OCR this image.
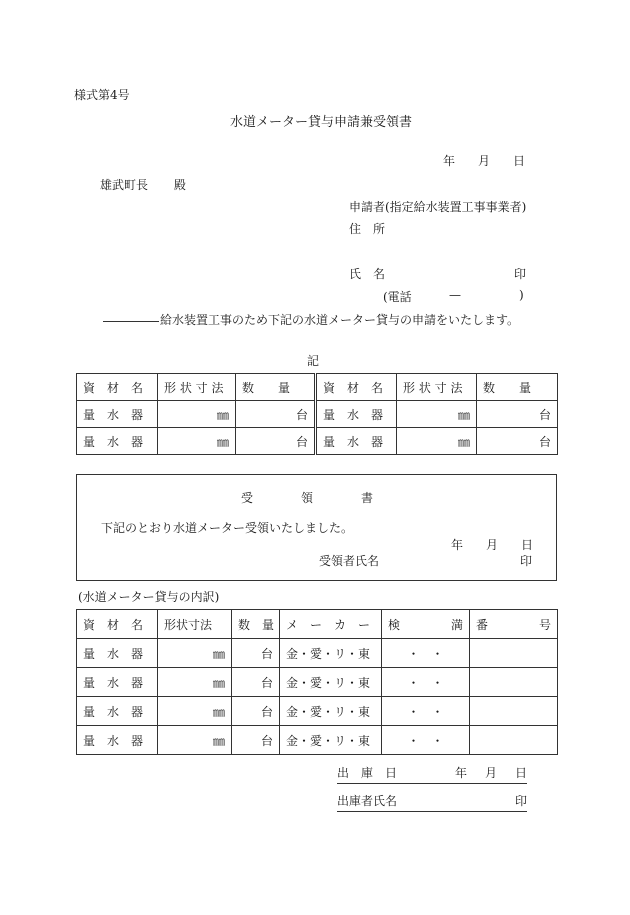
様式第4号
水道メーター貸与申請兼受領書
年 月 日
雄武町長 殿
申請者(指定給水装置工事事業者)
住　所
氏　名	印
(電話	—	)
給水装置工事のため下記の水道メーター貸与の申請をいたします。
記
資　材　名	形 状 寸 法	数　　量	資　材　名	形 状 寸 法	数　　量
量　水　器	㎜	台	量　水　器	㎜	台
量　水　器	㎜	台	量　水　器	㎜	台
受　　　　領　　　　書
下記のとおり水道メーター受領いたしました。
年 月 日
受領者氏名	印
(水道メーター貸与の内訳)
資　材　名	形状寸法	数　量	メ　ー　カ　ー	検 満	番 号

量　水　器	㎜	台	金・愛・リ・東	・　・	
量　水　器	㎜	台	金・愛・リ・東	・　・	
量　水　器	㎜	台	金・愛・リ・東	・　・	
量　水　器	㎜	台	金・愛・リ・東	・　・	
出　庫　日	年 月 日
出庫者氏名	印
